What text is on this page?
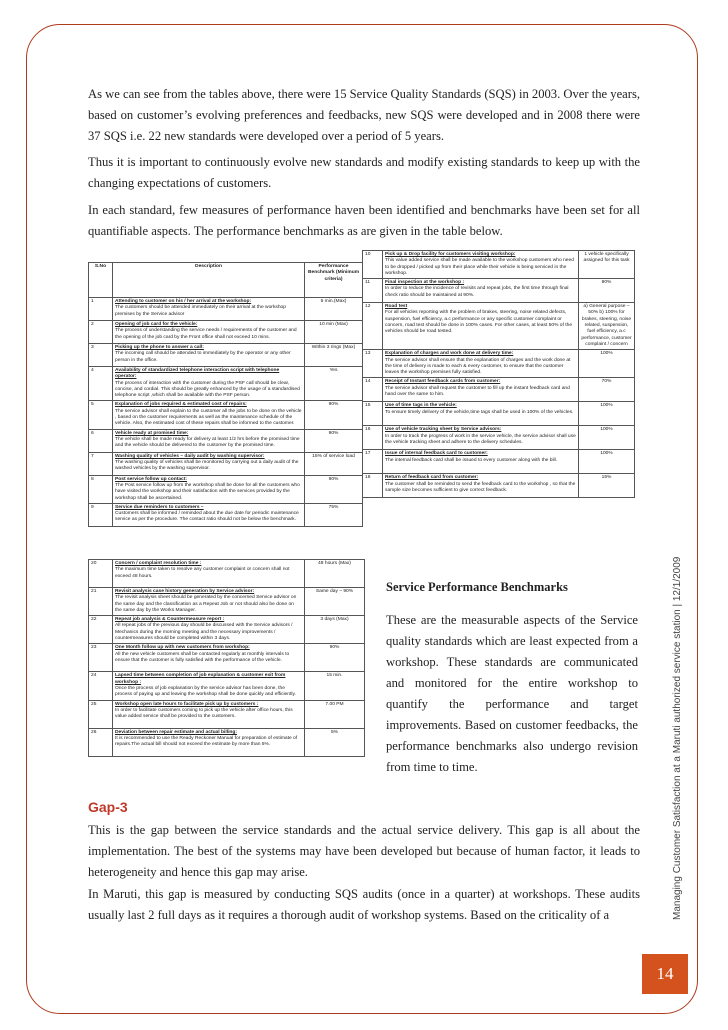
As we can see from the tables above, there were 15 Service Quality Standards (SQS) in 2003. Over the years, based on customer’s evolving preferences and feedbacks, new SQS were developed and in 2008 there were 37 SQS i.e. 22 new standards were developed over a period of 5 years.

Thus it is important to continuously evolve new standards and modify existing standards to keep up with the changing expectations of customers.

In each standard, few measures of performance haven been identified and benchmarks have been set for all quantifiable aspects. The performance benchmarks as are given in the table below.

S.No	Description	Performance Benchmark (Minimum criteria)
1	Attending to customer on his / her arrival at the workshop:
The customers should be attended immediately on their arrival at the workshop premises by the Service advisor	5 min.(Max)
2	Opening of job card for the vehicle:
The process of understanding the service needs / requirements of the customer and the opening of the job card by the Front office shall not exceed 10 mins.	10 min (Max)
3	Picking up the phone to answer a call:
The incoming call should be attended to immediately by the operator or any other person in the office.	Within 3 rings (Max)
4	Availability of standardized telephone interaction script with telephone operator:
The process of interaction with the customer during the PSF call should be clear, concise, and cordial. This should be greatly enhanced by the usage of a standardised telephone script ,which shall be available with the PSF person.	Yes
5	Explanation of jobs required & estimated cost of repairs:
The service advisor shall explain to the customer all the jobs to be done on the vehicle , based on the customer requirements as well as the maintenance schedule of the vehicle. Also, the estimated cost of these repairs shall be informed to the customer.	90%
6	Vehicle ready at promised time:
The vehicle shall be made ready for delivery at least 1/2 hrs before the promised time and the vehicle should be delivered to the customer by the promised time.	90%
7	Washing quality of vehicles – daily audit by washing supervisor:
The washing quality of vehicles shall be monitored by carrying out a daily audit of the washed vehicles by the washing supervisor.	15% of service load
8	Post service follow up contact:
The Post service follow up from the workshop shall be done for all the customers who have visited the workshop and their satisfaction with the services provided by the workshop shall be ascertained.	90%
9	Service due reminders to customers –
Customers shall be informed / reminded about the due date for periodic maintenance service as per the procedure. The contact ratio should not be below the benchmark.	75%
10	Pick up & Drop facility for customers visiting workshop:
This value added service shall be made available to the workshop customers who need to be dropped / picked up from their place while their vehicle is being serviced in the workshop.	1 vehicle specifically assigned for this task
11	Final inspection at the workshop :
In order to reduce the incidence of revisits and repeat jobs, the first time through final check ratio should be maintained at 90%.	90%
12	Road test
For all vehicles reporting with the problem of brakes, steering, noise related defects, suspension, fuel efficiency, a.c performance or any specific customer complaint or concern, road test should be done in 100% cases. For other cases, at least 50% of the vehicles should be road tested.	a) General purpose – 50% b) 100% for brakes, steering, noise related, suspension, fuel efficiency, a.c performance, customer complaint / concern
13	Explanation of charges and work done at delivery time:
The service advisor shall ensure that the explanation of charges and the work done at the time of delivery is made to each & every customer, to ensure that the customer leaves the workshop premises fully satisfied.	100%
14	Receipt of Instant feedback cards from customer:
The service advisor shall request the customer to fill up the instant feedback card and hand over the same to him.	70%
15	Use of time tags in the vehicle:
To ensure timely delivery of the vehicle,time tags shall be used in 100% of the vehicles.	100%
16	Use of vehicle tracking sheet by Service advisors:
In order to track the progress of work in the service vehicle, the service advisor shall use the vehicle tracking sheet and adhere to the delivery schedules.	100%
17	Issue of internal feedback card to customer:
The internal feedback card shall be issued to every customer along with the bill.	100%
18	Return of feedback card from customer:
The customer shall be reminded to send the feedback card to the workshop , so that the sample size becomes sufficient to give correct feedback.	15%
20	Concern / complaint resolution time :
The maximum time taken to resolve any customer complaint or concern shall not exceed 48 hours.	48 hours (Max)
21	Revisit analysis case history generation by Service advisor:
The revisit analysis sheet should be generated by the concerned Service advisor on the same day and the classification as a Repeat Job or not should also be done on the same day by the Works Manager.	Same day – 90%
22	Repeat job analysis & Countermeasure report :
All repeat jobs of the previous day should be discussed with the Service advisors / Mechanics during the morning meeting and the necessary improvements / countermeasures should be completed within 3 days.	3 days (Max)
23	One Month follow up with new customers from workshop:
All the new vehicle customers shall be contacted regularly at monthly intervals to ensure that the customer is fully satisfied with the performance of the vehicle.	90%
24	Lapsed time between completion of job explanation & customer exit from workshop :
Once the process of job explanation by the service advisor has been done, the process of paying up and leaving the workshop shall be done quickly and efficiently.	15 min.
25	Workshop open late hours to facilitate pick up by customers :
In order to facilitate customers coming to pick up the vehicle after office hours, this value added service shall be provided to the customers.	7.00 PM
26	Deviation between repair estimate and actual billing:
It is recommended to use the Ready Reckoner Manual for preparation of estimate of repairs.The actual bill should not exceed the estimate by more than 5%.	5%
Service Performance Benchmarks

These are the measurable aspects of the Service quality standards which are least expected from a workshop. These standards are communicated and monitored for the entire workshop to quantify the performance and target improvements. Based on customer feedbacks, the performance benchmarks also undergo revision from time to time.

Gap-3

This is the gap between the service standards and the actual service delivery. This gap is all about the implementation. The best of the systems may have been developed but because of human factor, it leads to heterogeneity and hence this gap may arise.

In Maruti, this gap is measured by conducting SQS audits (once in a quarter) at workshops. These audits usually last 2 full days as it requires a thorough audit of workshop systems. Based on the criticality of a	Managing Customer Satisfaction at a Maruti authorized service station | 12/1/2009
14
